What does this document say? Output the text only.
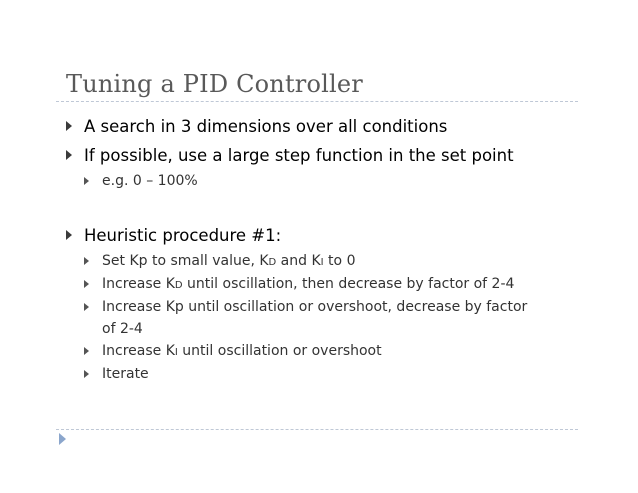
Tuning a PID Controller
A search in 3 dimensions over all conditions
If possible, use a large step function in the set point
e.g. 0 – 100%
Heuristic procedure #1:
Set Kp to small value, KD and KI to 0
Increase KD until oscillation, then decrease by factor of 2-4
Increase Kp until oscillation or overshoot, decrease by factor
of 2-4
Increase KI until oscillation or overshoot
Iterate
